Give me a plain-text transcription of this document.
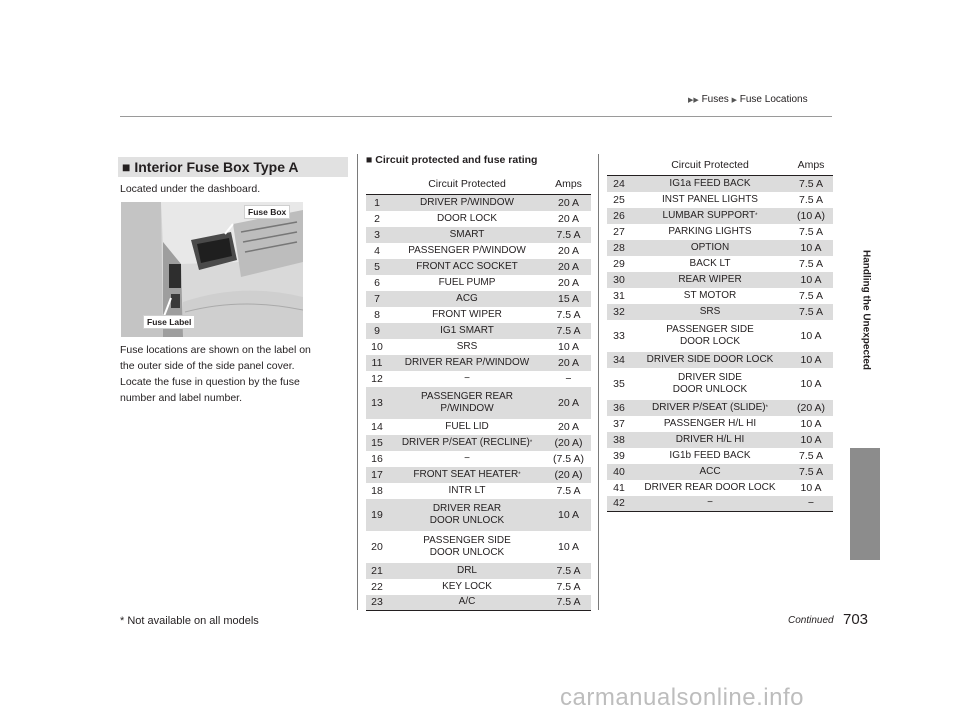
▶▶ Fuses ▶ Fuse Locations
Handling the Unexpected
■ Interior Fuse Box Type A
Located under the dashboard.
Fuse Box
Fuse Label
Fuse locations are shown on the label on
the outer side of the side panel cover.
Locate the fuse in question by the fuse
number and label number.
■ Circuit protected and fuse rating
	Circuit Protected	Amps
1	DRIVER P/WINDOW	20 A
2	DOOR LOCK	20 A
3	SMART	7.5 A
4	PASSENGER P/WINDOW	20 A
5	FRONT ACC SOCKET	20 A
6	FUEL PUMP	20 A
7	ACG	15 A
8	FRONT WIPER	7.5 A
9	IG1 SMART	7.5 A
10	SRS	10 A
11	DRIVER REAR P/WINDOW	20 A
12	−	−
13	PASSENGER REAR
P/WINDOW	20 A
14	FUEL LID	20 A
15	DRIVER P/SEAT (RECLINE)*	(20 A)
16	−	(7.5 A)
17	FRONT SEAT HEATER*	(20 A)
18	INTR LT	7.5 A
19	DRIVER REAR
DOOR UNLOCK	10 A
20	PASSENGER SIDE
DOOR UNLOCK	10 A
21	DRL	7.5 A
22	KEY LOCK	7.5 A
23	A/C	7.5 A
	Circuit Protected	Amps
24	IG1a FEED BACK	7.5 A
25	INST PANEL LIGHTS	7.5 A
26	LUMBAR SUPPORT*	(10 A)
27	PARKING LIGHTS	7.5 A
28	OPTION	10 A
29	BACK LT	7.5 A
30	REAR WIPER	10 A
31	ST MOTOR	7.5 A
32	SRS	7.5 A
33	PASSENGER SIDE
DOOR LOCK	10 A
34	DRIVER SIDE DOOR LOCK	10 A
35	DRIVER SIDE
DOOR UNLOCK	10 A
36	DRIVER P/SEAT (SLIDE)*	(20 A)
37	PASSENGER H/L HI	10 A
38	DRIVER H/L HI	10 A
39	IG1b FEED BACK	7.5 A
40	ACC	7.5 A
41	DRIVER REAR DOOR LOCK	10 A
42	−	−
* Not available on all models	Continued 703
carmanualsonline.info
